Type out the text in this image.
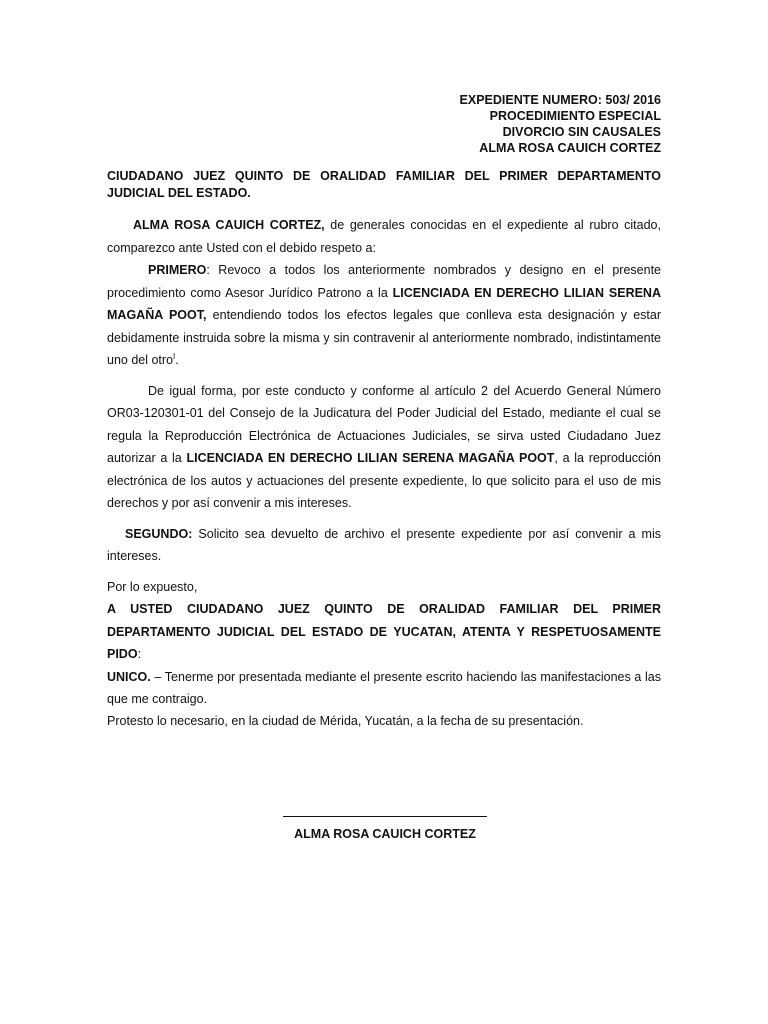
EXPEDIENTE NUMERO: 503/ 2016
PROCEDIMIENTO ESPECIAL
DIVORCIO SIN CAUSALES
ALMA ROSA CAUICH CORTEZ

CIUDADANO JUEZ QUINTO DE ORALIDAD FAMILIAR DEL PRIMER DEPARTAMENTO JUDICIAL DEL ESTADO.

ALMA ROSA CAUICH CORTEZ, de generales conocidas en el expediente al rubro citado, comparezco ante Usted con el debido respeto a:

PRIMERO: Revoco a todos los anteriormente nombrados y designo en el presente procedimiento como Asesor Jurídico Patrono a la LICENCIADA EN DERECHO LILIAN SERENA MAGAÑA POOT, entendiendo todos los efectos legales que conlleva esta designación y estar debidamente instruida sobre la misma y sin contravenir al anteriormente nombrado, indistintamente uno del otro$^I$.

De igual forma, por este conducto y conforme al artículo 2 del Acuerdo General Número OR03-120301-01 del Consejo de la Judicatura del Poder Judicial del Estado, mediante el cual se regula la Reproducción Electrónica de Actuaciones Judiciales, se sirva usted Ciudadano Juez autorizar a la LICENCIADA EN DERECHO LILIAN SERENA MAGAÑA POOT, a la reproducción electrónica de los autos y actuaciones del presente expediente, lo que solicito para el uso de mis derechos y por así convenir a mis intereses.

SEGUNDO: Solicito sea devuelto de archivo el presente expediente por así convenir a mis intereses.

Por lo expuesto,

A USTED CIUDADANO JUEZ QUINTO DE ORALIDAD FAMILIAR DEL PRIMER DEPARTAMENTO JUDICIAL DEL ESTADO DE YUCATAN, ATENTA Y RESPETUOSAMENTE PIDO:

UNICO. – Tenerme por presentada mediante el presente escrito haciendo las manifestaciones a las que me contraigo.

Protesto lo necesario, en la ciudad de Mérida, Yucatán, a la fecha de su presentación.

ALMA ROSA CAUICH CORTEZ
